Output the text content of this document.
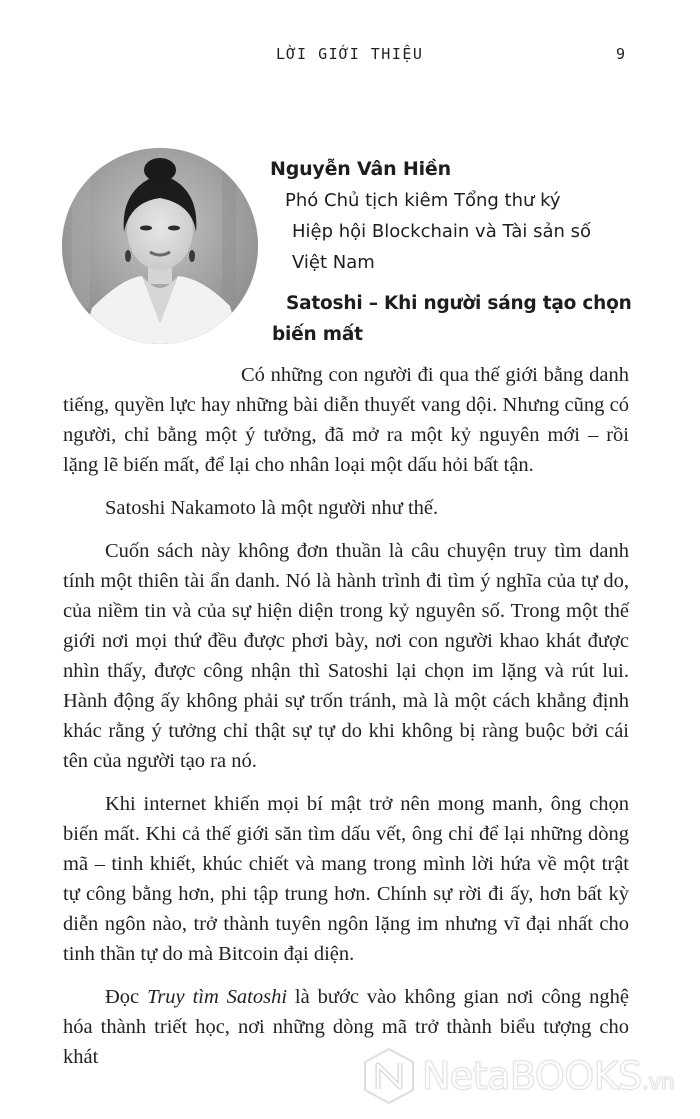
LỜI GIỚI THIỆU	9
Nguyễn Vân Hiền
Phó Chủ tịch kiêm Tổng thư ký
Hiệp hội Blockchain và Tài sản số
Việt Nam
Satoshi – Khi người sáng tạo chọn biến mất

Có những con người đi qua thế giới bằng danh tiếng, quyền lực hay những bài diễn thuyết vang dội. Nhưng cũng có người, chỉ bằng một ý tưởng, đã mở ra một kỷ nguyên mới – rồi lặng lẽ biến mất, để lại cho nhân loại một dấu hỏi bất tận.

Satoshi Nakamoto là một người như thế.

Cuốn sách này không đơn thuần là câu chuyện truy tìm danh tính một thiên tài ẩn danh. Nó là hành trình đi tìm ý nghĩa của tự do, của niềm tin và của sự hiện diện trong kỷ nguyên số. Trong một thế giới nơi mọi thứ đều được phơi bày, nơi con người khao khát được nhìn thấy, được công nhận thì Satoshi lại chọn im lặng và rút lui. Hành động ấy không phải sự trốn tránh, mà là một cách khẳng định khác rằng ý tưởng chỉ thật sự tự do khi không bị ràng buộc bởi cái tên của người tạo ra nó.

Khi internet khiến mọi bí mật trở nên mong manh, ông chọn biến mất. Khi cả thế giới săn tìm dấu vết, ông chỉ để lại những dòng mã – tinh khiết, khúc chiết và mang trong mình lời hứa về một trật tự công bằng hơn, phi tập trung hơn. Chính sự rời đi ấy, hơn bất kỳ diễn ngôn nào, trở thành tuyên ngôn lặng im nhưng vĩ đại nhất cho tinh thần tự do mà Bitcoin đại diện.

Đọc Truy tìm Satoshi là bước vào không gian nơi công nghệ hóa thành triết học, nơi những dòng mã trở thành biểu tượng cho khát	NetaBOOKS.vn
